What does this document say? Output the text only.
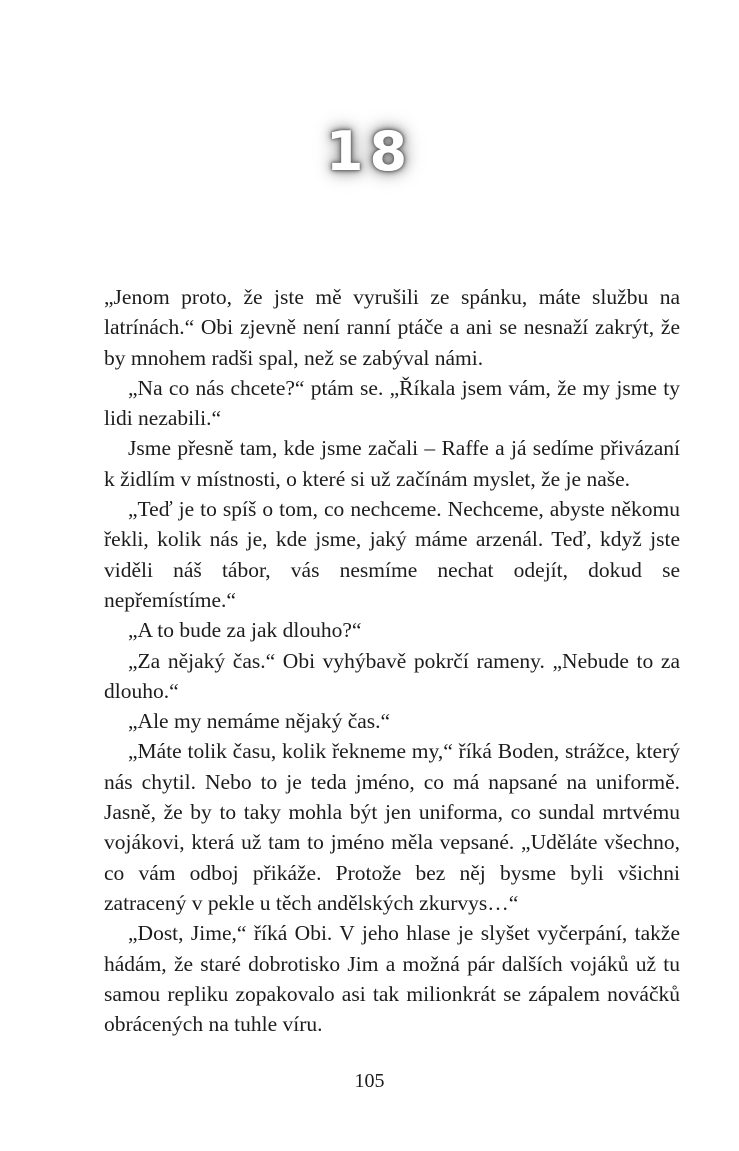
18

„Jenom proto, že jste mě vyrušili ze spánku, máte službu na latrínách.“ Obi zjevně není ranní ptáče a ani se nesnaží zakrýt, že by mnohem radši spal, než se zabýval námi.

„Na co nás chcete?“ ptám se. „Říkala jsem vám, že my jsme ty lidi nezabili.“

Jsme přesně tam, kde jsme začali – Raffe a já sedíme přivázaní k židlím v místnosti, o které si už začínám myslet, že je naše.

„Teď je to spíš o tom, co nechceme. Nechceme, abyste někomu řekli, kolik nás je, kde jsme, jaký máme arzenál. Teď, když jste viděli náš tábor, vás nesmíme nechat odejít, dokud se nepřemístíme.“

„A to bude za jak dlouho?“

„Za nějaký čas.“ Obi vyhýbavě pokrčí rameny. „Nebude to za dlouho.“

„Ale my nemáme nějaký čas.“

„Máte tolik času, kolik řekneme my,“ říká Boden, strážce, který nás chytil. Nebo to je teda jméno, co má napsané na uniformě. Jasně, že by to taky mohla být jen uniforma, co sundal mrtvému vojákovi, která už tam to jméno měla vepsané. „Uděláte všechno, co vám odboj přikáže. Protože bez něj bysme byli všichni zatracený v pekle u těch andělských zkurvys…“

„Dost, Jime,“ říká Obi. V jeho hlase je slyšet vyčerpání, takže hádám, že staré dobrotisko Jim a možná pár dalších vojáků už tu samou repliku zopakovalo asi tak milionkrát se zápalem nováčků obrácených na tuhle víru.

105
